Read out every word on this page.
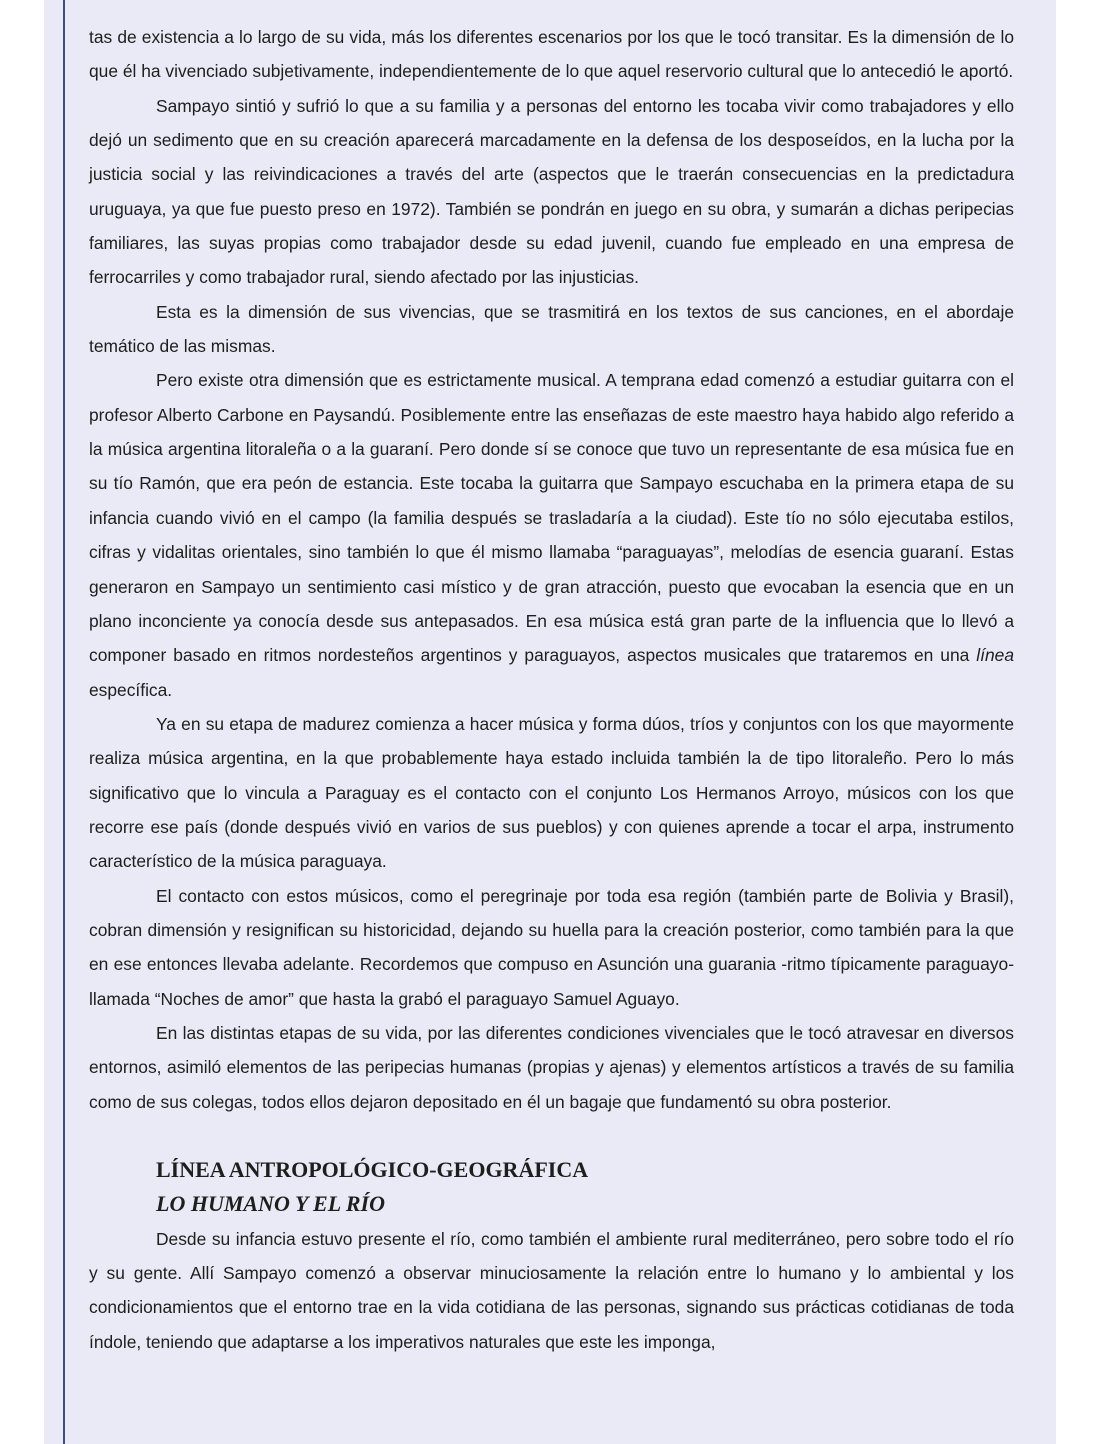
tas de existencia a lo largo de su vida, más los diferentes escenarios por los que le tocó transitar. Es la dimensión de lo que él ha vivenciado subjetivamente, independientemente de lo que aquel reservorio cultural que lo antecedió le aportó.

Sampayo sintió y sufrió lo que a su familia y a personas del entorno les tocaba vivir como trabajadores y ello dejó un sedimento que en su creación aparecerá marcadamente en la defensa de los desposeídos, en la lucha por la justicia social y las reivindicaciones a través del arte (aspectos que le traerán consecuencias en la predictadura uruguaya, ya que fue puesto preso en 1972). También se pondrán en juego en su obra, y sumarán a dichas peripecias familiares, las suyas propias como trabajador desde su edad juvenil, cuando fue empleado en una empresa de ferrocarriles y como trabajador rural, siendo afectado por las injusticias.

Esta es la dimensión de sus vivencias, que se trasmitirá en los textos de sus canciones, en el abordaje temático de las mismas.

Pero existe otra dimensión que es estrictamente musical. A temprana edad comenzó a estudiar guitarra con el profesor Alberto Carbone en Paysandú. Posiblemente entre las enseñazas de este maestro haya habido algo referido a la música argentina litoraleña o a la guaraní. Pero donde sí se conoce que tuvo un representante de esa música fue en su tío Ramón, que era peón de estancia. Este tocaba la guitarra que Sampayo escuchaba en la primera etapa de su infancia cuando vivió en el campo (la familia después se trasladaría a la ciudad). Este tío no sólo ejecutaba estilos, cifras y vidalitas orientales, sino también lo que él mismo llamaba “paraguayas”, melodías de esencia guaraní. Estas generaron en Sampayo un sentimiento casi místico y de gran atracción, puesto que evocaban la esencia que en un plano inconciente ya conocía desde sus antepasados. En esa música está gran parte de la influencia que lo llevó a componer basado en ritmos nordesteños argentinos y paraguayos, aspectos musicales que trataremos en una línea específica.

Ya en su etapa de madurez comienza a hacer música y forma dúos, tríos y conjuntos con los que mayormente realiza música argentina, en la que probablemente haya estado incluida también la de tipo litoraleño. Pero lo más significativo que lo vincula a Paraguay es el contacto con el conjunto Los Hermanos Arroyo, músicos con los que recorre ese país (donde después vivió en varios de sus pueblos) y con quienes aprende a tocar el arpa, instrumento característico de la música paraguaya.

El contacto con estos músicos, como el peregrinaje por toda esa región (también parte de Bolivia y Brasil), cobran dimensión y resignifican su historicidad, dejando su huella para la creación posterior, como también para la que en ese entonces llevaba adelante. Recordemos que compuso en Asunción una guarania -ritmo típicamente paraguayo- llamada “Noches de amor” que hasta la grabó el paraguayo Samuel Aguayo.

En las distintas etapas de su vida, por las diferentes condiciones vivenciales que le tocó atravesar en diversos entornos, asimiló elementos de las peripecias humanas (propias y ajenas) y elementos artísticos a través de su familia como de sus colegas, todos ellos dejaron depositado en él un bagaje que fundamentó su obra posterior.

LÍNEA ANTROPOLÓGICO-GEOGRÁFICA
LO HUMANO Y EL RÍO

Desde su infancia estuvo presente el río, como también el ambiente rural mediterráneo, pero sobre todo el río y su gente. Allí Sampayo comenzó a observar minuciosamente la relación entre lo humano y lo ambiental y los condicionamientos que el entorno trae en la vida cotidiana de las personas, signando sus prácticas cotidianas de toda índole, teniendo que adaptarse a los imperativos naturales que este les imponga,
